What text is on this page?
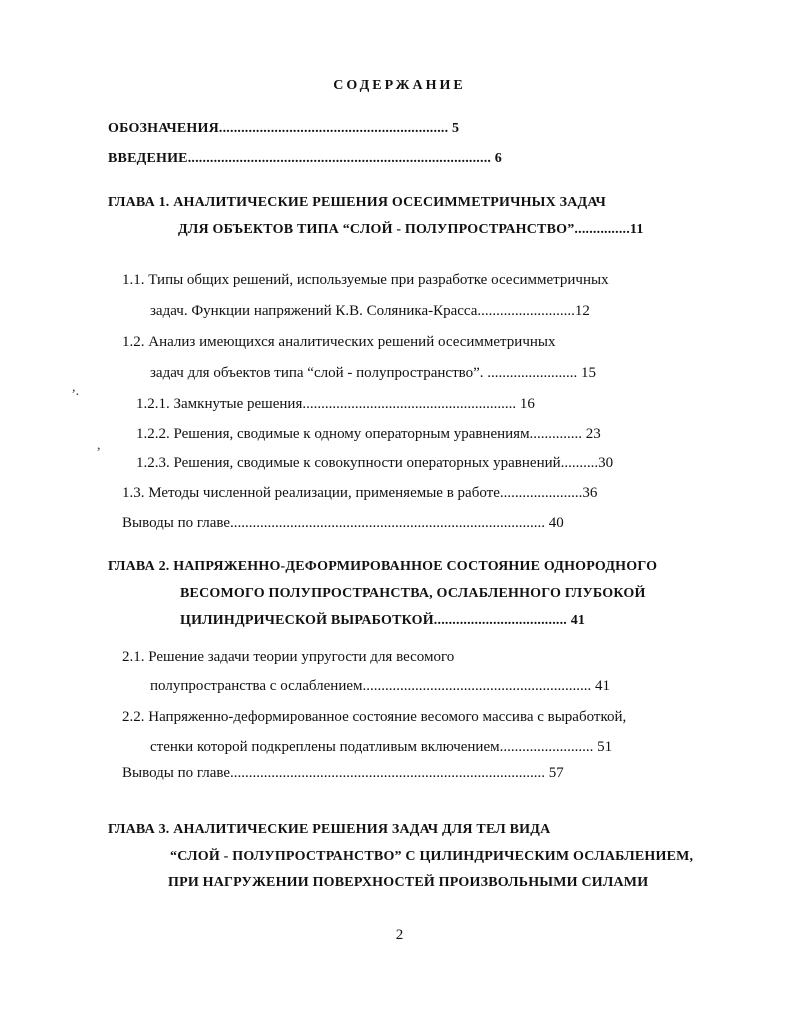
СОДЕРЖАНИЕ
ОБОЗНАЧЕНИЯ.............................................................. 5
ВВЕДЕНИЕ.................................................................................. 6
ГЛАВА 1. АНАЛИТИЧЕСКИЕ РЕШЕНИЯ ОСЕСИММЕТРИЧНЫХ ЗАДАЧ
ДЛЯ ОБЪЕКТОВ ТИПА “СЛОЙ - ПОЛУПРОСТРАНСТВО”...............11
1.1. Типы общих решений, используемые при разработке осесимметричных
задач. Функции напряжений К.В. Соляника-Красса..........................12
1.2. Анализ имеющихся аналитических решений осесимметричных
задач для объектов типа “слой - полупространство”. ........................ 15
1.2.1. Замкнутые решения......................................................... 16
1.2.2. Решения, сводимые к одному операторным уравнениям.............. 23
1.2.3. Решения, сводимые к совокупности операторных уравнений..........30
1.3. Методы численной реализации, применяемые в работе......................36
Выводы по главе.................................................................................... 40
ГЛАВА 2. НАПРЯЖЕННО-ДЕФОРМИРОВАННОЕ СОСТОЯНИЕ ОДНОРОДНОГО
ВЕСОМОГО ПОЛУПРОСТРАНСТВА, ОСЛАБЛЕННОГО ГЛУБОКОЙ
ЦИЛИНДРИЧЕСКОЙ ВЫРАБОТКОЙ.................................... 41
2.1. Решение задачи теории упругости для весомого
полупространства с ослаблением............................................................. 41
2.2. Напряженно-деформированное состояние весомого массива с выработкой,
стенки которой подкреплены податливым включением......................... 51
Выводы по главе.................................................................................... 57
ГЛАВА 3. АНАЛИТИЧЕСКИЕ РЕШЕНИЯ ЗАДАЧ ДЛЯ ТЕЛ ВИДА
“СЛОЙ - ПОЛУПРОСТРАНСТВО” С ЦИЛИНДРИЧЕСКИМ ОСЛАБЛЕНИЕМ,
ПРИ НАГРУЖЕНИИ ПОВЕРХНОСТЕЙ ПРОИЗВОЛЬНЫМИ СИЛАМИ
2
,
·
,
